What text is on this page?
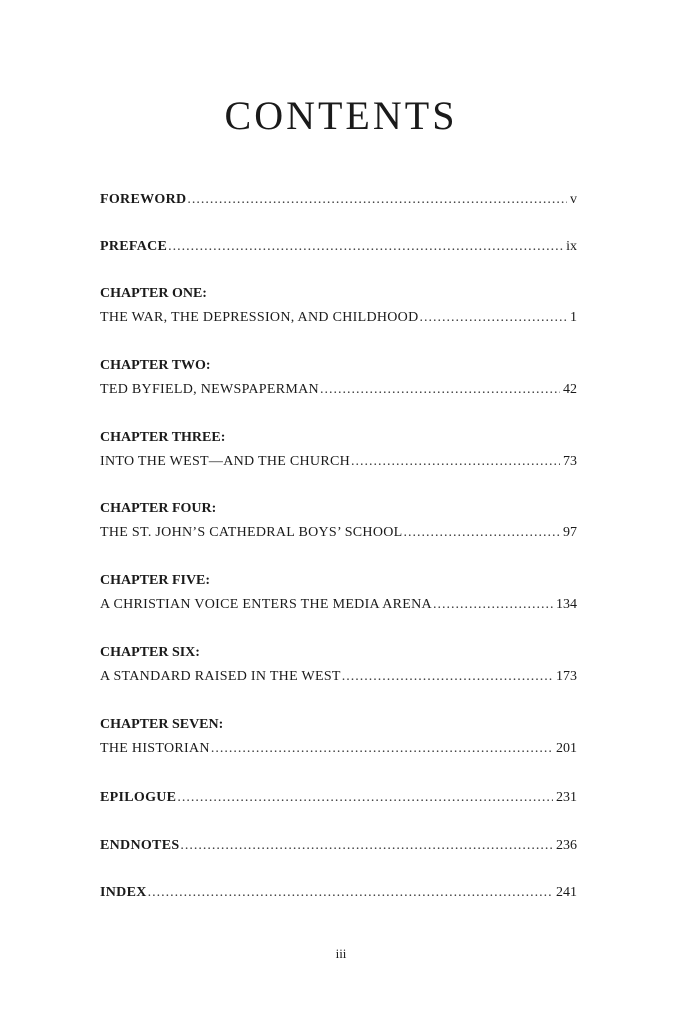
CONTENTS
FOREWORD .....	v
PREFACE .....	ix
CHAPTER ONE:
THE WAR, THE DEPRESSION, AND CHILDHOOD .....	1
CHAPTER TWO:
TED BYFIELD, NEWSPAPERMAN .....	42
CHAPTER THREE:
INTO THE WEST—AND THE CHURCH .....	73
CHAPTER FOUR:
THE ST. JOHN’S CATHEDRAL BOYS’ SCHOOL .....	97
CHAPTER FIVE:
A CHRISTIAN VOICE ENTERS THE MEDIA ARENA .....	134
CHAPTER SIX:
A STANDARD RAISED IN THE WEST .....	173
CHAPTER SEVEN:
THE HISTORIAN .....	201
EPILOGUE .....	231
ENDNOTES .....	236
INDEX .....	241
iii
